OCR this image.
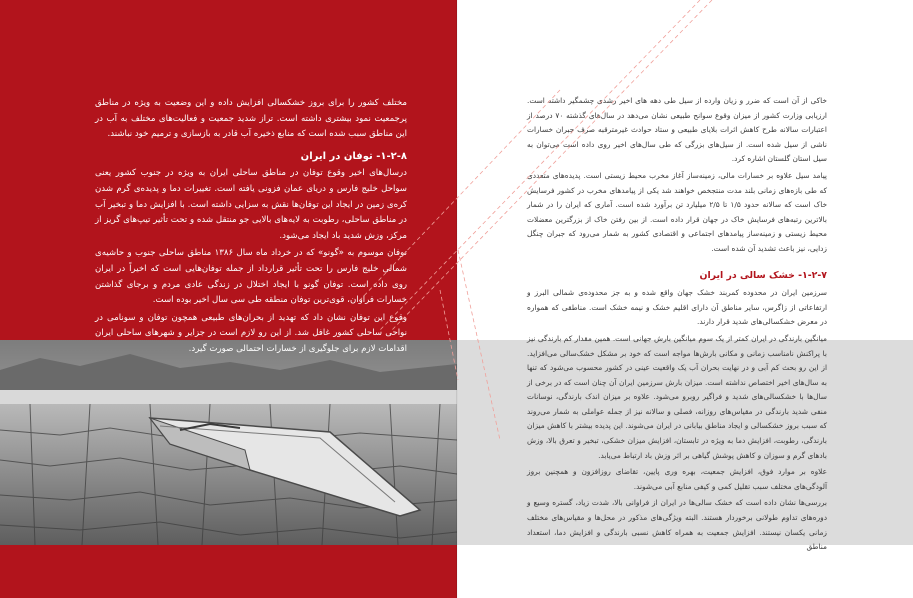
مختلف کشور را برای بروز خشکسالی افزایش داده و این وضعیت به ویژه در مناطق پرجمعیت نمود بیشتری داشته است. تراز شدید جمعیت و فعالیت‌های مختلف به آب در این مناطق سبب شده است که منابع ذخیره آب قادر به بازسازی و ترمیم خود نباشند.

۱-۲-۸- توفان در ایران

درسال‌های اخیر وقوع توفان در مناطق ساحلی ایران به ویژه در جنوب کشور یعنی سواحل خلیج فارس و دریای عمان فزونی یافته است. تغییرات دما و پدیده‌ی گرم شدن کره‌ی زمین در ایجاد این توفان‌ها نقش به سزایی داشته است. با افزایش دما و تبخیر آب در مناطق ساحلی، رطوبت به لایه‌های بالایی جو منتقل شده و تحت تأثیر تیپ‌های گریز از مرکز، وزش شدید باد ایجاد می‌شود.

توفان موسوم به «گونو» که در خرداد ماه سال ۱۳۸۶ مناطق ساحلی جنوب و حاشیه‌ی شمالی خلیج فارس را تحت تأثیر قرارداد از جمله توفان‌هایی است که اخیراً در ایران روی داده است. توفان گونو با ایجاد اختلال در زندگی عادی مردم و برجای گذاشتن خسارات فراوان، قوی‌ترین توفان منطقه طی سی سال اخیر بوده است.

وقوع این توفان نشان داد که تهدید از بحران‌های طبیعی همچون توفان و سونامی در نواحی ساحلی کشور غافل شد. از این رو لازم است در جزایر و شهرهای ساحلی ایران اقدامات لازم برای جلوگیری از خسارات احتمالی صورت گیرد.

خاکی از آن است که ضرر و زیان وارده از سیل طی دهه های اخیر رشدی چشمگیر داشته است. ارزیابی وزارت کشور از میزان وقوع سوانح طبیعی نشان می‌دهد در سال‌های گذشته ۷۰ درصد از اعتبارات سالانه طرح کاهش اثرات بلایای طبیعی و ستاد حوادث غیرمترقبه صرف جبران خسارات ناشی از سیل شده است. از سیل‌های بزرگی که طی سال‌های اخیر روی داده است می‌توان به سیل استان گلستان اشاره کرد.

پیامد سیل علاوه بر خسارات مالی، زمینه‌ساز آغاز مخرب محیط زیستی است. پدیده‌های متعددی که طی بازه‌های زمانی بلند مدت منتجخص خواهند شد یکی از پیامدهای مخرب در کشور فرسایش خاک است که سالانه حدود ۱/۵ تا ۲/۵ میلیارد تن برآورد شده است. آماری که ایران را در شمار بالاترین رتبه‌های فرسایش خاک در جهان قرار داده است. از بین رفتن خاک از بزرگترین معضلات محیط زیستی و زمینه‌ساز پیامدهای اجتماعی و اقتصادی کشور به شمار می‌رود که جبران چنگل زدایی، نیز باعث تشدید آن شده است.

۱-۲-۷- خشک سالی در ایران

سرزمین ایران در محدوده کمربند خشک جهان واقع شده و به جز محدوده‌ی شمالی البرز و ارتفاعاتی از زاگرس، سایر مناطق آن دارای اقلیم خشک و نیمه خشک است. مناطقی که همواره در معرض خشکسالی‌های شدید قرار دارند.

میانگین بارندگی در ایران کمتر از یک سوم میانگین بارش جهانی است. همین مقدار کم بارندگی نیز با پراکنش نامناسب زمانی و مکانی بارش‌ها مواجه است که خود بر مشکل خشک‌سالی می‌افزاید. از این رو بحث کم آبی و در نهایت بحران آب یک واقعیت عینی در کشور محسوب می‌شود که تنها به سال‌های اخیر اختصاص نداشته است. میزان بارش سرزمین ایران آن چنان است که در برخی از سال‌ها با خشکسالی‌های شدید و فراگیر روبرو می‌شود. علاوه بر میزان اندک بارندگی، نوسانات منفی شدید بارندگی در مقیاس‌های روزانه، فصلی و سالانه نیز از جمله عواملی به شمار می‌روند که سبب بروز خشکسالی و ایجاد مناطق بیابانی در ایران می‌شوند. این پدیده بیشتر با کاهش میزان بارندگی، رطوبت، افزایش دما به ویژه در تابستان، افزایش میزان خشکی، تبخیر و تعرق بالا، وزش بادهای گرم و سوزان و کاهش پوشش گیاهی بر اثر وزش باد ارتباط می‌یابد.

علاوه بر موارد فوق، افزایش جمعیت، بهره وری پایین، تقاضای روزافزون و همچنین بروز آلودگی‌های مختلف سبب تقلیل کمی و کیفی منابع آبی می‌شوند.

بررسی‌ها نشان داده است که خشک سالی‌ها در ایران از فراوانی بالا، شدت زیاد، گستره وسیع و دوره‌های تداوم طولانی برخوردار هستند. البته ویژگی‌های مذکور در محل‌ها و مقیاس‌های مختلف زمانی یکسان نیستند. افزایش جمعیت به همراه کاهش نسبی بارندگی و افزایش دما، استعداد مناطق
